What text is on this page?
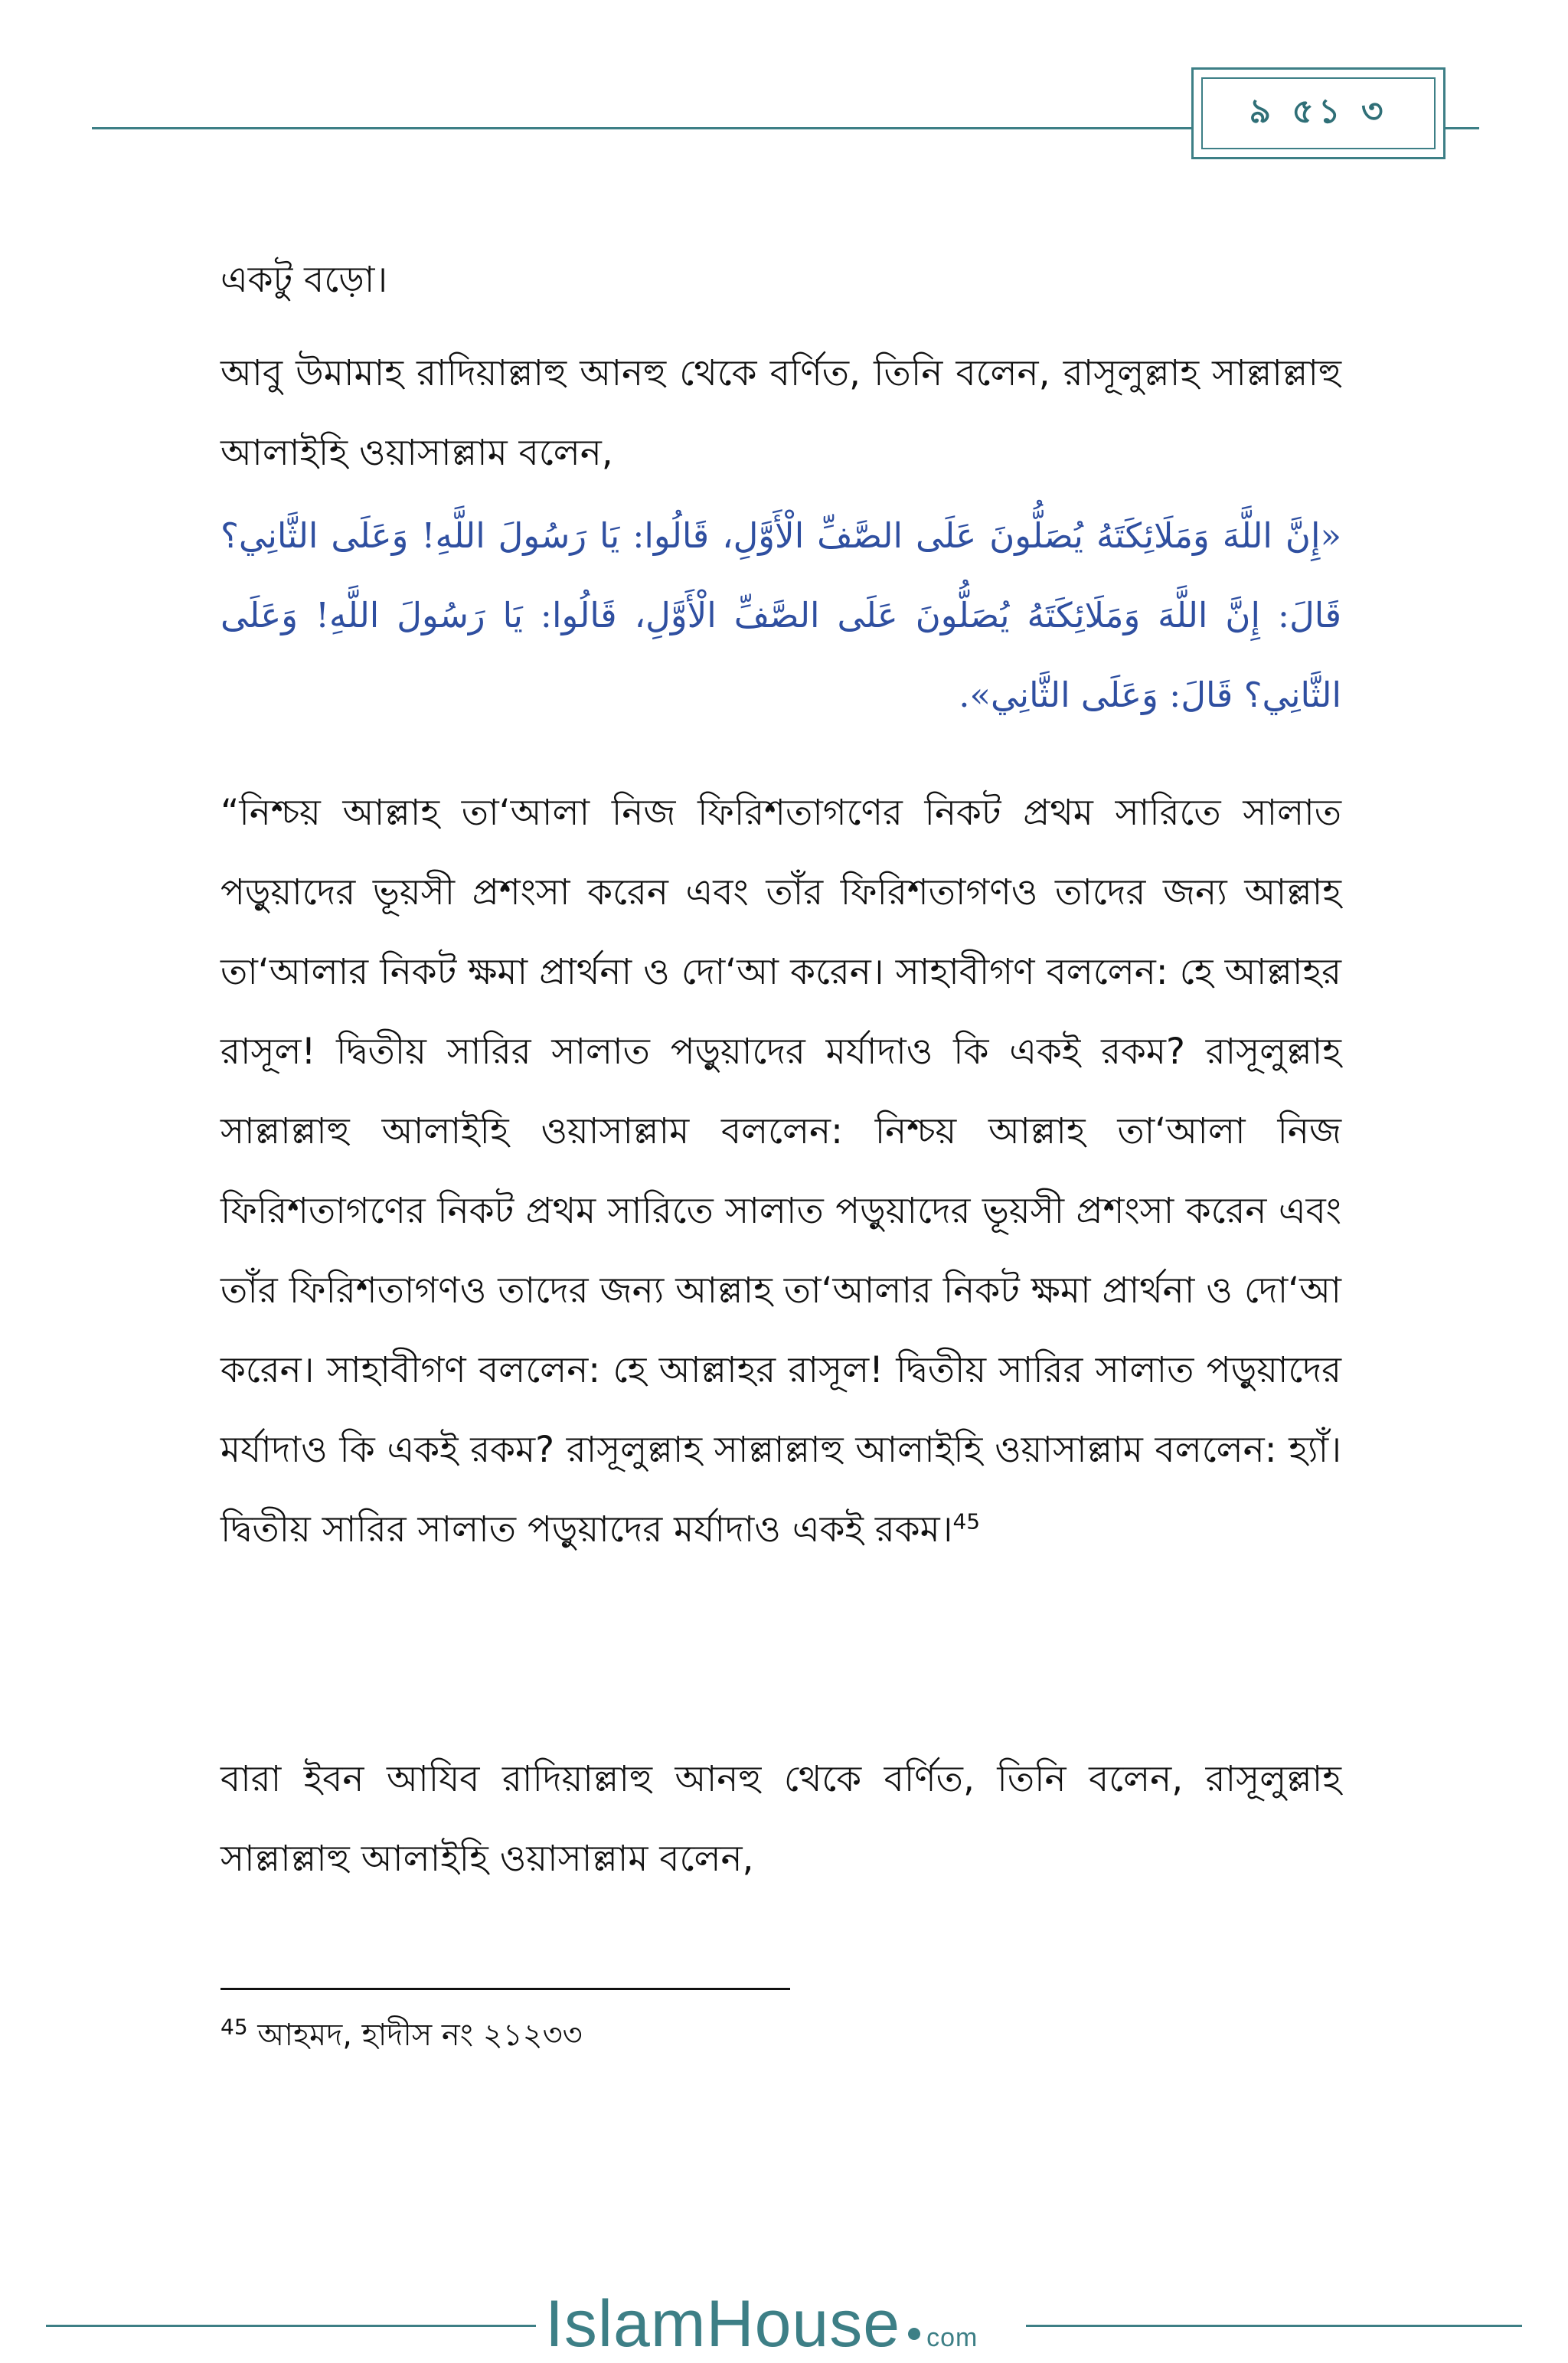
৯ ৫১ ৩

একটু বড়ো।

আবু উমামাহ রাদিয়াল্লাহু আনহু থেকে বর্ণিত, তিনি বলেন, রাসূলুল্লাহ সাল্লাল্লাহু আলাইহি ওয়াসাল্লাম বলেন,

«إِنَّ اللَّهَ وَمَلَائِكَتَهُ يُصَلُّونَ عَلَى الصَّفِّ الْأَوَّلِ، قَالُوا: يَا رَسُولَ اللَّهِ! وَعَلَى الثَّانِي؟ قَالَ: إِنَّ اللَّهَ وَمَلَائِكَتَهُ يُصَلُّونَ عَلَى الصَّفِّ الْأَوَّلِ، قَالُوا: يَا رَسُولَ اللَّهِ! وَعَلَى الثَّانِي؟ قَالَ: وَعَلَى الثَّانِي».

“নিশ্চয় আল্লাহ তা‘আলা নিজ ফিরিশতাগণের নিকট প্রথম সারিতে সালাত পড়ুয়াদের ভূয়সী প্রশংসা করেন এবং তাঁর ফিরিশতাগণও তাদের জন্য আল্লাহ তা‘আলার নিকট ক্ষমা প্রার্থনা ও দো‘আ করেন। সাহাবীগণ বললেন: হে আল্লাহর রাসূল! দ্বিতীয় সারির সালাত পড়ুয়াদের মর্যাদাও কি একই রকম? রাসূলুল্লাহ সাল্লাল্লাহু আলাইহি ওয়াসাল্লাম বললেন: নিশ্চয় আল্লাহ তা‘আলা নিজ ফিরিশতাগণের নিকট প্রথম সারিতে সালাত পড়ুয়াদের ভূয়সী প্রশংসা করেন এবং তাঁর ফিরিশতাগণও তাদের জন্য আল্লাহ তা‘আলার নিকট ক্ষমা প্রার্থনা ও দো‘আ করেন। সাহাবীগণ বললেন: হে আল্লাহর রাসূল! দ্বিতীয় সারির সালাত পড়ুয়াদের মর্যাদাও কি একই রকম? রাসূলুল্লাহ সাল্লাল্লাহু আলাইহি ওয়াসাল্লাম বললেন: হ্যাঁ। দ্বিতীয় সারির সালাত পড়ুয়াদের মর্যাদাও একই রকম।$^{45}$

বারা ইবন আযিব রাদিয়াল্লাহু আনহু থেকে বর্ণিত, তিনি বলেন, রাসূলুল্লাহ সাল্লাল্লাহু আলাইহি ওয়াসাল্লাম বলেন,

$^{45}$ আহমদ, হাদীস নং ২১২৩৩
IslamHouse com
